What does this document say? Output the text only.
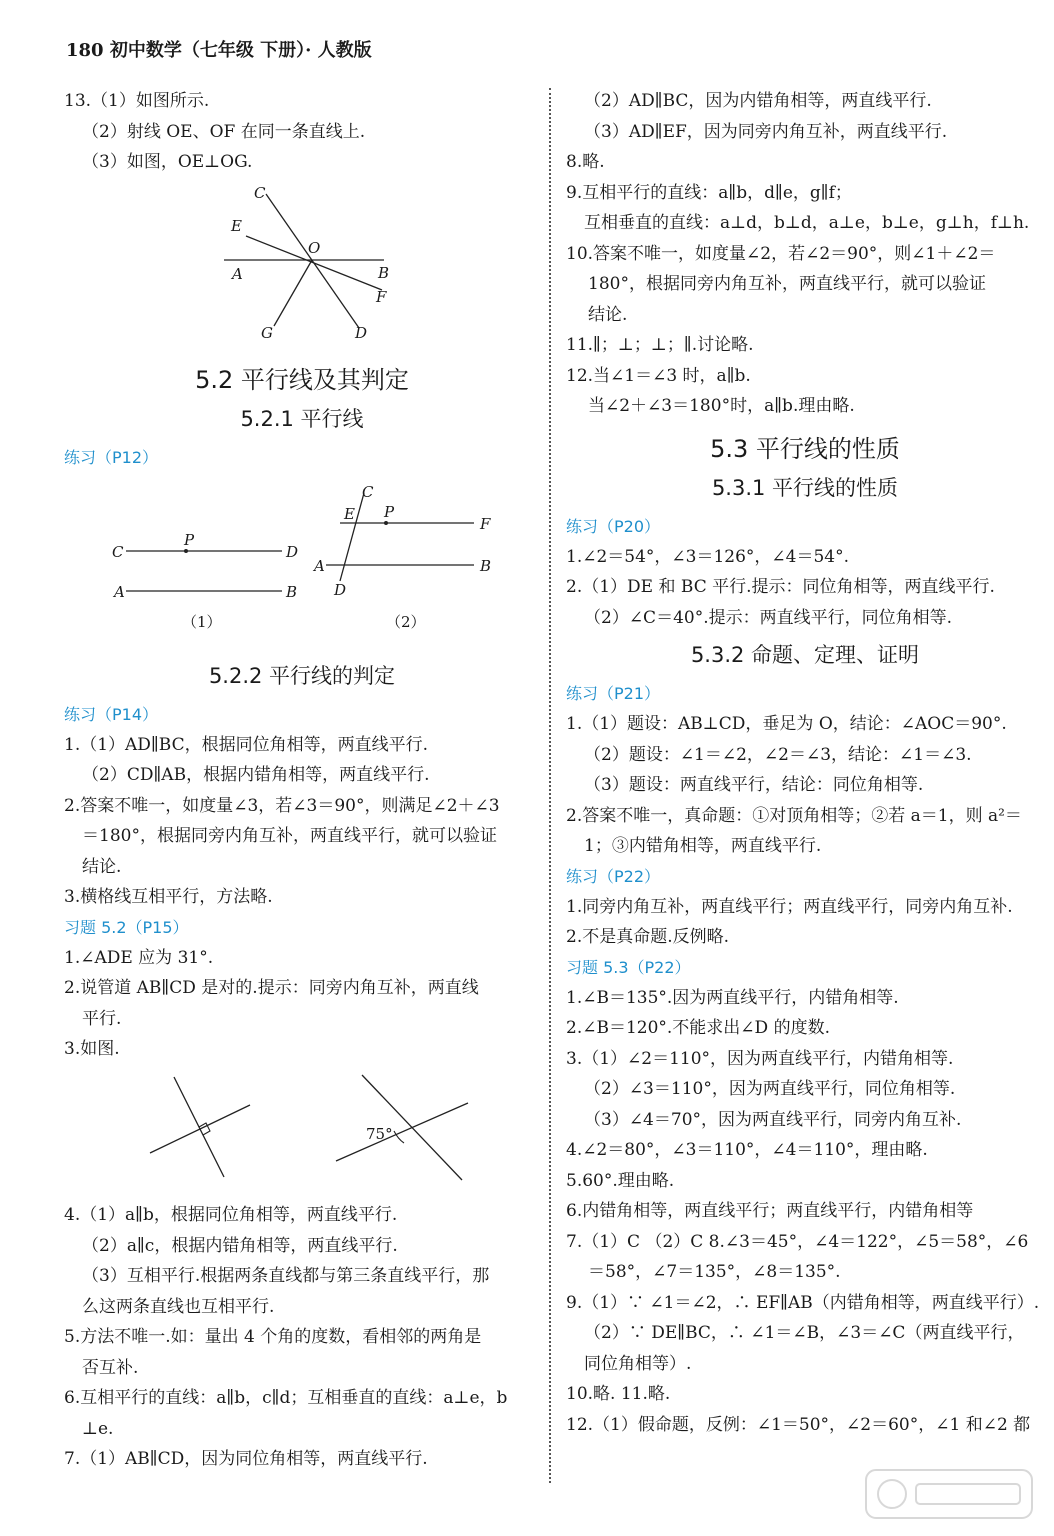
180 初中数学（七年级 下册）· 人教版
13.（1）如图所示.
（2）射线 OE、OF 在同一条直线上.
（3）如图，OE⊥OG.
C
E
O
A	B
F
G	D
5.2 平行线及其判定
5.2.1 平行线
练习（P12）
C
P
D
A	B
（1）
C
E P
F
A	B
D
（2）
5.2.2 平行线的判定
练习（P14）
1.（1）AD∥BC，根据同位角相等，两直线平行.
（2）CD∥AB，根据内错角相等，两直线平行.
2.答案不唯一，如度量∠3，若∠3＝90°，则满足∠2＋∠3
＝180°，根据同旁内角互补，两直线平行，就可以验证
结论.
3.横格线互相平行，方法略.
习题 5.2（P15）
1.∠ADE 应为 31°.
2.说管道 AB∥CD 是对的.提示：同旁内角互补，两直线
平行.
3.如图.
75°
4.（1）a∥b，根据同位角相等，两直线平行.
（2）a∥c，根据内错角相等，两直线平行.
（3）互相平行.根据两条直线都与第三条直线平行，那
么这两条直线也互相平行.
5.方法不唯一.如：量出 4 个角的度数，看相邻的两角是
否互补.
6.互相平行的直线：a∥b，c∥d；互相垂直的直线：a⊥e，b
⊥e.
7.（1）AB∥CD，因为同位角相等，两直线平行.
（2）AD∥BC，因为内错角相等，两直线平行.
（3）AD∥EF，因为同旁内角互补，两直线平行.
8.略.
9.互相平行的直线：a∥b，d∥e，g∥f；
互相垂直的直线：a⊥d，b⊥d，a⊥e，b⊥e，g⊥h，f⊥h.
10.答案不唯一，如度量∠2，若∠2＝90°，则∠1＋∠2＝
180°，根据同旁内角互补，两直线平行，就可以验证
结论.
11.∥；⊥；⊥；∥.讨论略.
12.当∠1＝∠3 时，a∥b.
当∠2＋∠3＝180°时，a∥b.理由略.
5.3 平行线的性质
5.3.1 平行线的性质
练习（P20）
1.∠2＝54°，∠3＝126°，∠4＝54°.
2.（1）DE 和 BC 平行.提示：同位角相等，两直线平行.
（2）∠C＝40°.提示：两直线平行，同位角相等.
5.3.2 命题、定理、证明
练习（P21）
1.（1）题设：AB⊥CD，垂足为 O，结论：∠AOC＝90°.
（2）题设：∠1＝∠2，∠2＝∠3，结论：∠1＝∠3.
（3）题设：两直线平行，结论：同位角相等.
2.答案不唯一，真命题：①对顶角相等；②若 a＝1，则 a²＝
1；③内错角相等，两直线平行.
练习（P22）
1.同旁内角互补，两直线平行；两直线平行，同旁内角互补.
2.不是真命题.反例略.
习题 5.3（P22）
1.∠B＝135°.因为两直线平行，内错角相等.
2.∠B＝120°.不能求出∠D 的度数.
3.（1）∠2＝110°，因为两直线平行，内错角相等.
（2）∠3＝110°，因为两直线平行，同位角相等.
（3）∠4＝70°，因为两直线平行，同旁内角互补.
4.∠2＝80°，∠3＝110°，∠4＝110°，理由略.
5.60°.理由略.
6.内错角相等，两直线平行；两直线平行，内错角相等
7.（1）C （2）C 8.∠3＝45°，∠4＝122°，∠5＝58°，∠6
＝58°，∠7＝135°，∠8＝135°.
9.（1）∵ ∠1＝∠2，∴ EF∥AB（内错角相等，两直线平行）.
（2）∵ DE∥BC，∴ ∠1＝∠B，∠3＝∠C（两直线平行，
同位角相等）.
10.略. 11.略.
12.（1）假命题，反例：∠1＝50°，∠2＝60°，∠1 和∠2 都
